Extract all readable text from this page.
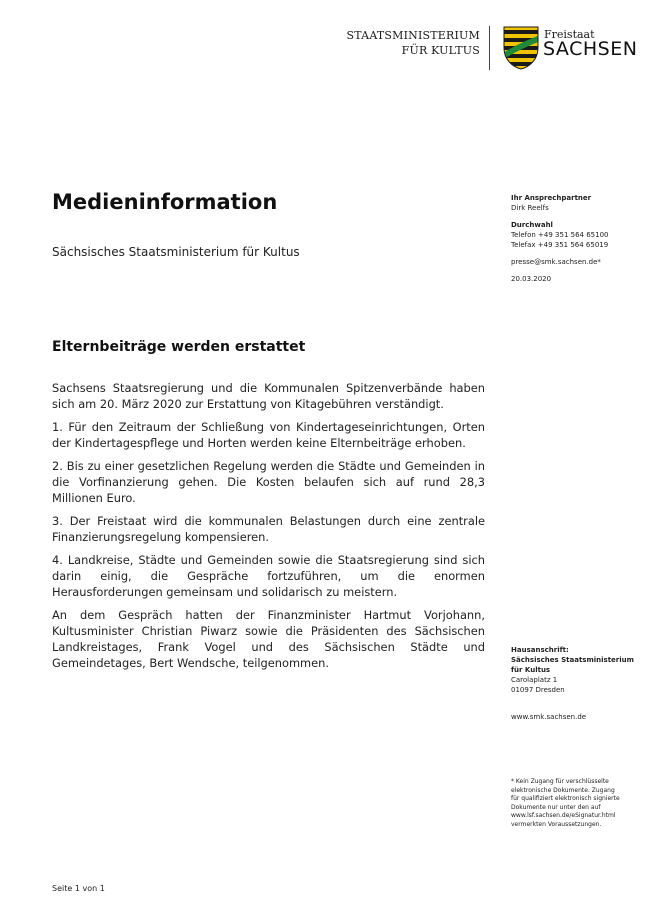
STAATSMINISTERIUM
FÜR KULTUS
Freistaat
SACHSEN
Medieninformation
Sächsisches Staatsministerium für Kultus
Elternbeiträge werden erstattet

Sachsens Staatsregierung und die Kommunalen Spitzenverbände haben sich am 20. März 2020 zur Erstattung von Kitagebühren verständigt.

1. Für den Zeitraum der Schließung von Kindertageseinrichtungen, Orten der Kindertagespflege und Horten werden keine Elternbeiträge erhoben.

2. Bis zu einer gesetzlichen Regelung werden die Städte und Gemeinden in die Vorfinanzierung gehen. Die Kosten belaufen sich auf rund 28,3 Millionen Euro.

3. Der Freistaat wird die kommunalen Belastungen durch eine zentrale Finanzierungsregelung kompensieren.

4. Landkreise, Städte und Gemeinden sowie die Staatsregierung sind sich darin einig, die Gespräche fortzuführen, um die enormen Herausforderungen gemeinsam und solidarisch zu meistern.

An dem Gespräch hatten der Finanzminister Hartmut Vorjohann, Kultusminister Christian Piwarz sowie die Präsidenten des Sächsischen Landkreistages, Frank Vogel und des Sächsischen Städte und Gemeindetages, Bert Wendsche, teilgenommen.

Ihr Ansprechpartner
Dirk Reelfs
Durchwahl
Telefon +49 351 564 65100
Telefax +49 351 564 65019
presse@smk.sachsen.de*
20.03.2020
Hausanschrift:
Sächsisches Staatsministerium
für Kultus
Carolaplatz 1
01097 Dresden
www.smk.sachsen.de
* Kein Zugang für verschlüsselte
elektronische Dokumente. Zugang
für qualifiziert elektronisch signierte
Dokumente nur unter den auf
www.lsf.sachsen.de/eSignatur.html
vermerkten Voraussetzungen.
Seite 1 von 1
